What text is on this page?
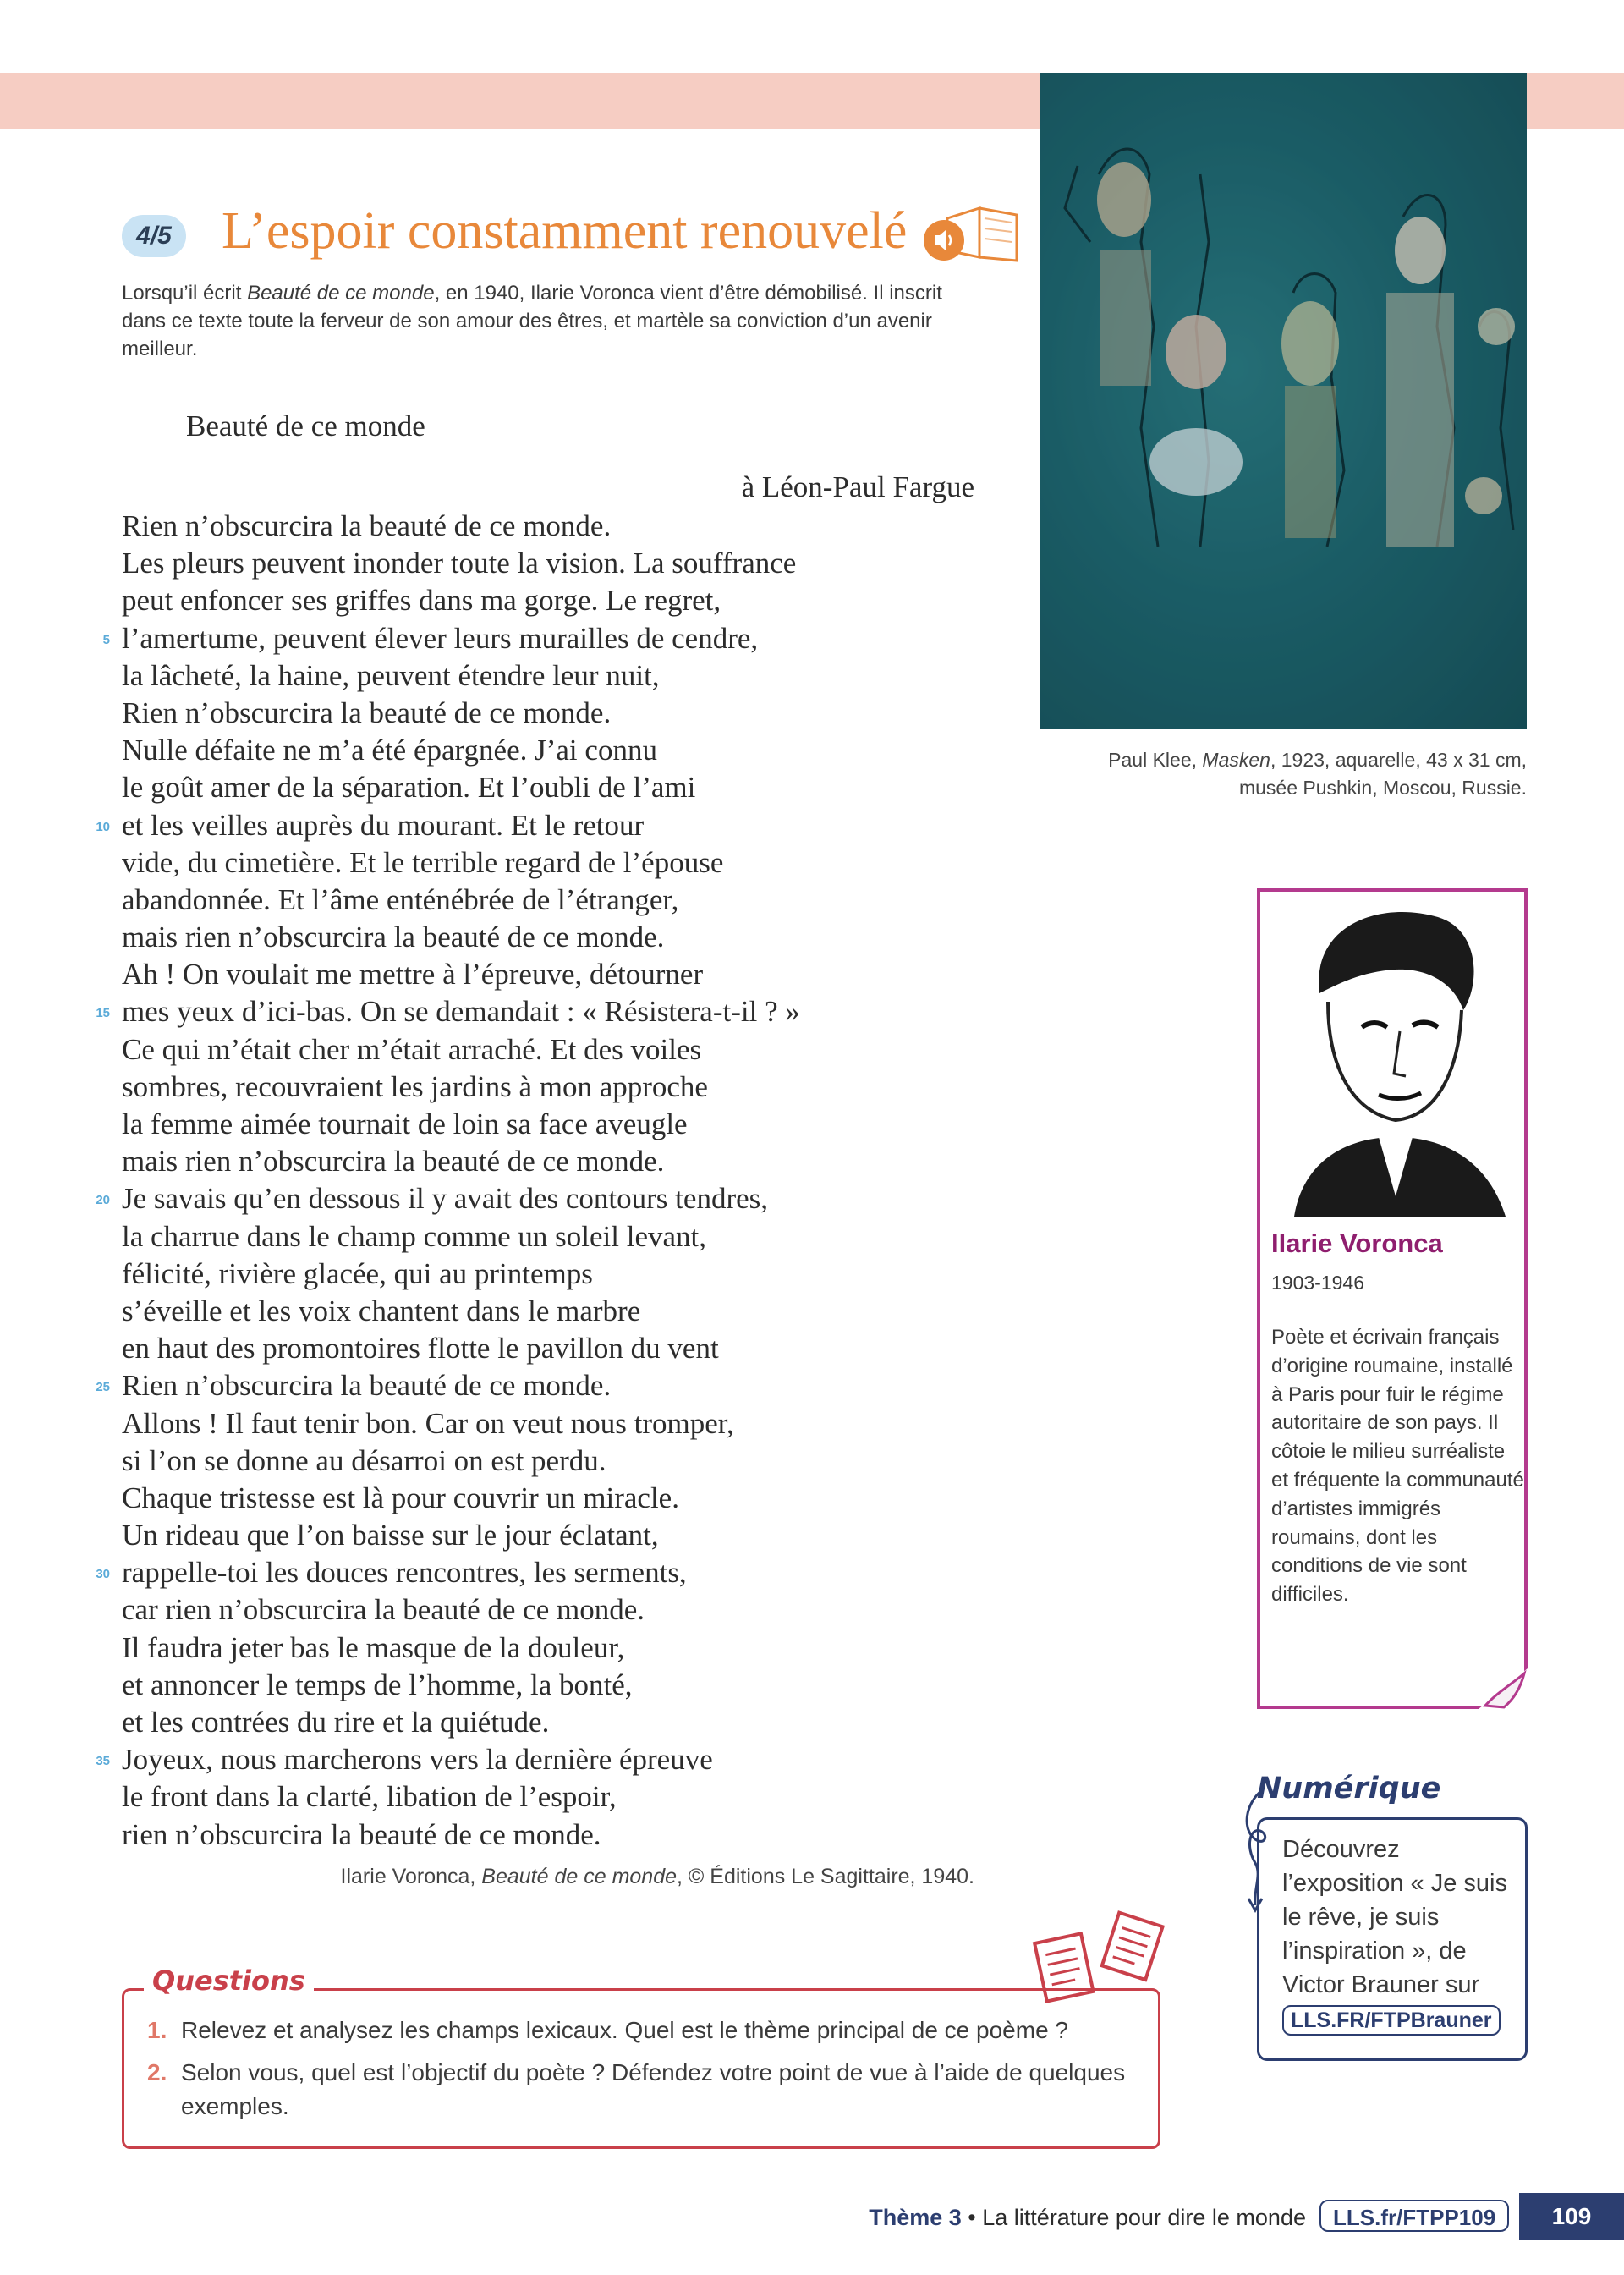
Paul Klee, Masken, 1923, aquarelle, 43 x 31 cm,
musée Pushkin, Moscou, Russie.
4/5 L’espoir constamment renouvelé
Lorsqu’il écrit Beauté de ce monde, en 1940, Ilarie Voronca vient d’être démobilisé. Il inscrit dans ce texte toute la ferveur de son amour des êtres, et martèle sa conviction d’un avenir meilleur.
Beauté de ce monde
à Léon-Paul Fargue
Rien n’obscurcira la beauté de ce monde.
Les pleurs peuvent inonder toute la vision. La souffrance
peut enfoncer ses griffes dans ma gorge. Le regret,
5 l’amertume, peuvent élever leurs murailles de cendre,
la lâcheté, la haine, peuvent étendre leur nuit,
Rien n’obscurcira la beauté de ce monde.
Nulle défaite ne m’a été épargnée. J’ai connu
le goût amer de la séparation. Et l’oubli de l’ami
10 et les veilles auprès du mourant. Et le retour
vide, du cimetière. Et le terrible regard de l’épouse
abandonnée. Et l’âme enténébrée de l’étranger,
mais rien n’obscurcira la beauté de ce monde.
Ah ! On voulait me mettre à l’épreuve, détourner
15 mes yeux d’ici-bas. On se demandait : « Résistera-t-il ? »
Ce qui m’était cher m’était arraché. Et des voiles
sombres, recouvraient les jardins à mon approche
la femme aimée tournait de loin sa face aveugle
mais rien n’obscurcira la beauté de ce monde.
20 Je savais qu’en dessous il y avait des contours tendres,
la charrue dans le champ comme un soleil levant,
félicité, rivière glacée, qui au printemps
s’éveille et les voix chantent dans le marbre
en haut des promontoires flotte le pavillon du vent
25 Rien n’obscurcira la beauté de ce monde.
Allons ! Il faut tenir bon. Car on veut nous tromper,
si l’on se donne au désarroi on est perdu.
Chaque tristesse est là pour couvrir un miracle.
Un rideau que l’on baisse sur le jour éclatant,
30 rappelle-toi les douces rencontres, les serments,
car rien n’obscurcira la beauté de ce monde.
Il faudra jeter bas le masque de la douleur,
et annoncer le temps de l’homme, la bonté,
et les contrées du rire et la quiétude.
35 Joyeux, nous marcherons vers la dernière épreuve
le front dans la clarté, libation de l’espoir,
rien n’obscurcira la beauté de ce monde.
Ilarie Voronca, Beauté de ce monde, © Éditions Le Sagittaire, 1940.
Questions
1. Relevez et analysez les champs lexicaux. Quel est le thème principal de ce poème ?
2. Selon vous, quel est l’objectif du poète ? Défendez votre point de vue à l’aide de quelques exemples.
Ilarie Voronca
1903-1946
Poète et écrivain français d’origine roumaine, installé à Paris pour fuir le régime autoritaire de son pays. Il côtoie le milieu surréaliste et fréquente la communauté d’artistes immigrés roumains, dont les conditions de vie sont difficiles.
Numérique
Découvrez l’exposition « Je suis le rêve, je suis l’inspiration », de Victor Brauner sur
LLS.FR/FTPBrauner
Thème 3 • La littérature pour dire le monde	LLS.fr/FTPP109	109
